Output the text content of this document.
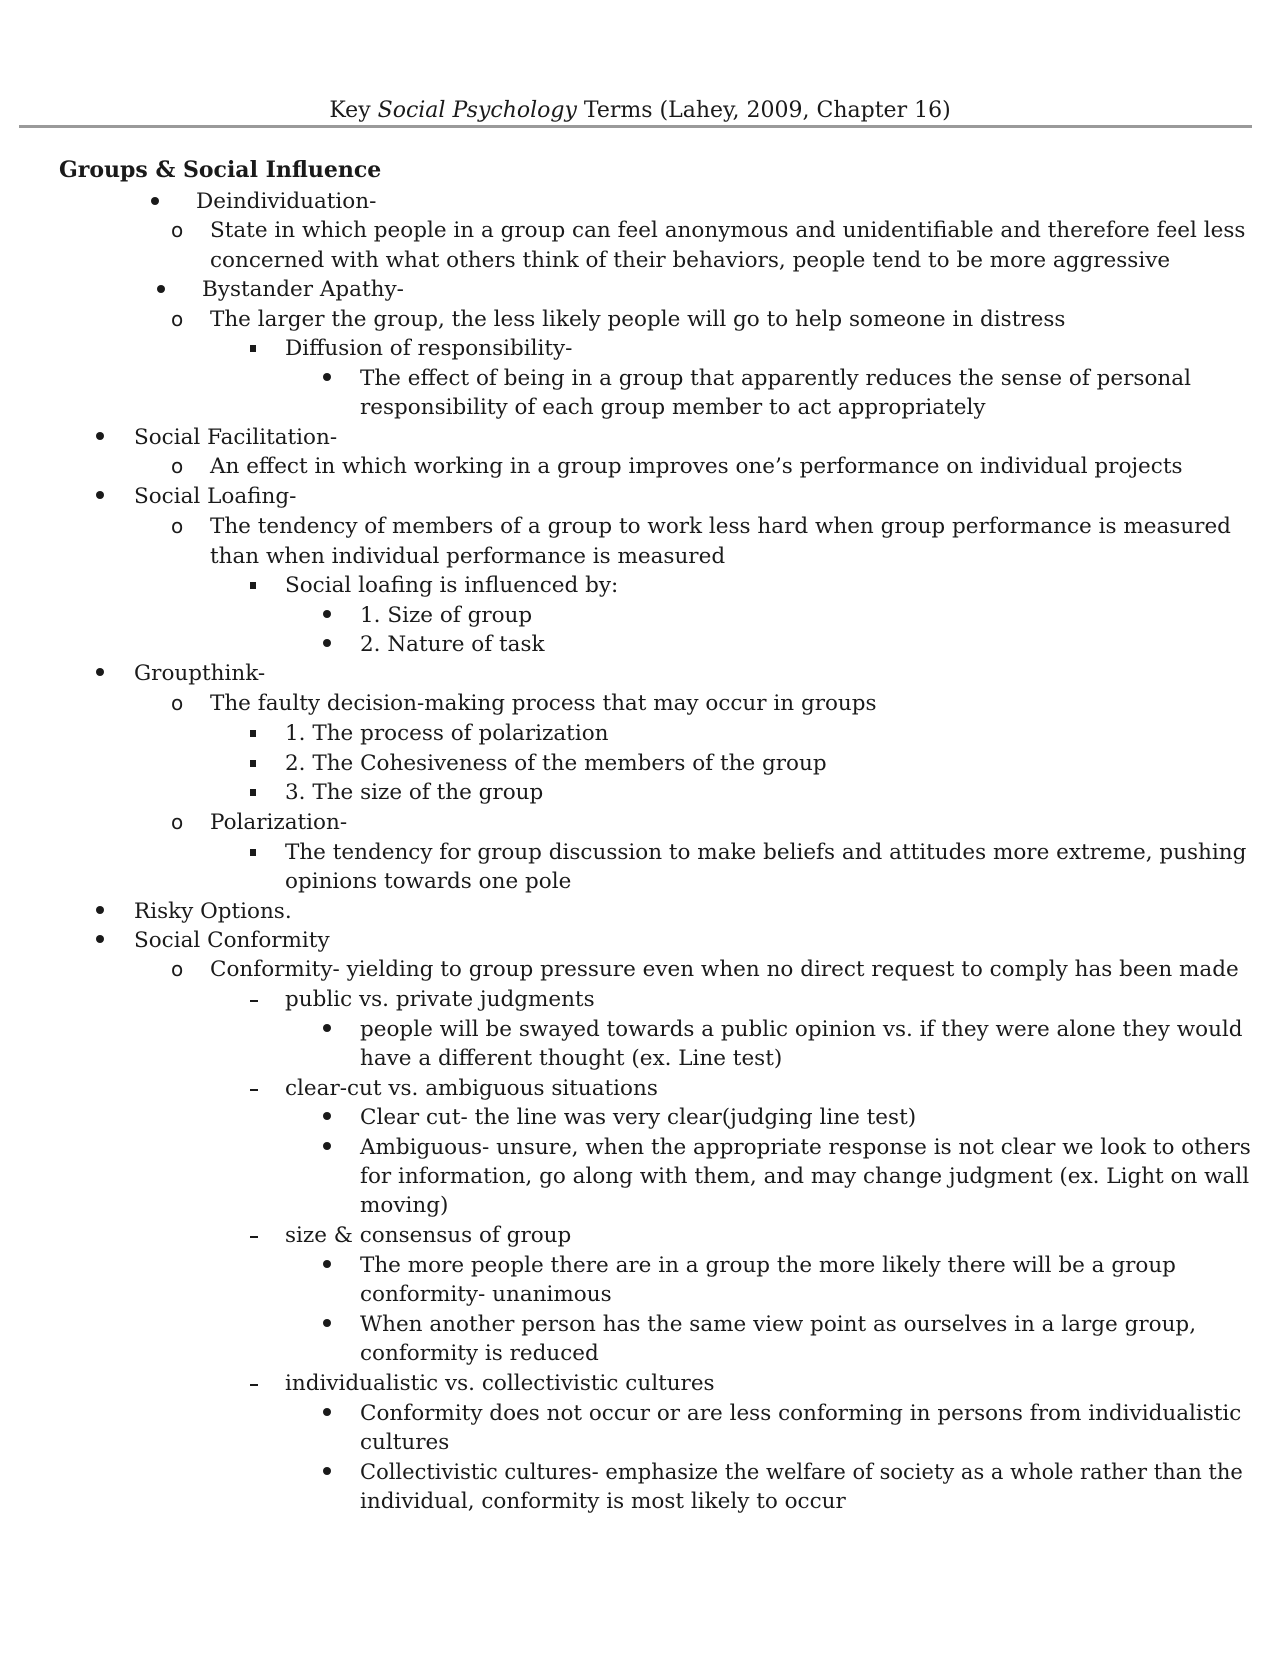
Key Social Psychology Terms (Lahey, 2009, Chapter 16)
Groups & Social Influence

Deindividuation-

o State in which people in a group can feel anonymous and unidentifiable and therefore feel less

concerned with what others think of their behaviors, people tend to be more aggressive

Bystander Apathy-

o The larger the group, the less likely people will go to help someone in distress

Diffusion of responsibility-

The effect of being in a group that apparently reduces the sense of personal

responsibility of each group member to act appropriately

Social Facilitation-

o An effect in which working in a group improves one’s performance on individual projects

Social Loafing-

o The tendency of members of a group to work less hard when group performance is measured

than when individual performance is measured

Social loafing is influenced by:

1. Size of group

2. Nature of task

Groupthink-

o The faulty decision-making process that may occur in groups

1. The process of polarization

2. The Cohesiveness of the members of the group

3. The size of the group

o Polarization-

The tendency for group discussion to make beliefs and attitudes more extreme, pushing

opinions towards one pole

Risky Options.

Social Conformity

o Conformity- yielding to group pressure even when no direct request to comply has been made

public vs. private judgments

people will be swayed towards a public opinion vs. if they were alone they would

have a different thought (ex. Line test)

clear-cut vs. ambiguous situations

Clear cut- the line was very clear(judging line test)

Ambiguous- unsure, when the appropriate response is not clear we look to others

for information, go along with them, and may change judgment (ex. Light on wall

moving)

size & consensus of group

The more people there are in a group the more likely there will be a group

conformity- unanimous

When another person has the same view point as ourselves in a large group,

conformity is reduced

individualistic vs. collectivistic cultures

Conformity does not occur or are less conforming in persons from individualistic

cultures

Collectivistic cultures- emphasize the welfare of society as a whole rather than the

individual, conformity is most likely to occur
